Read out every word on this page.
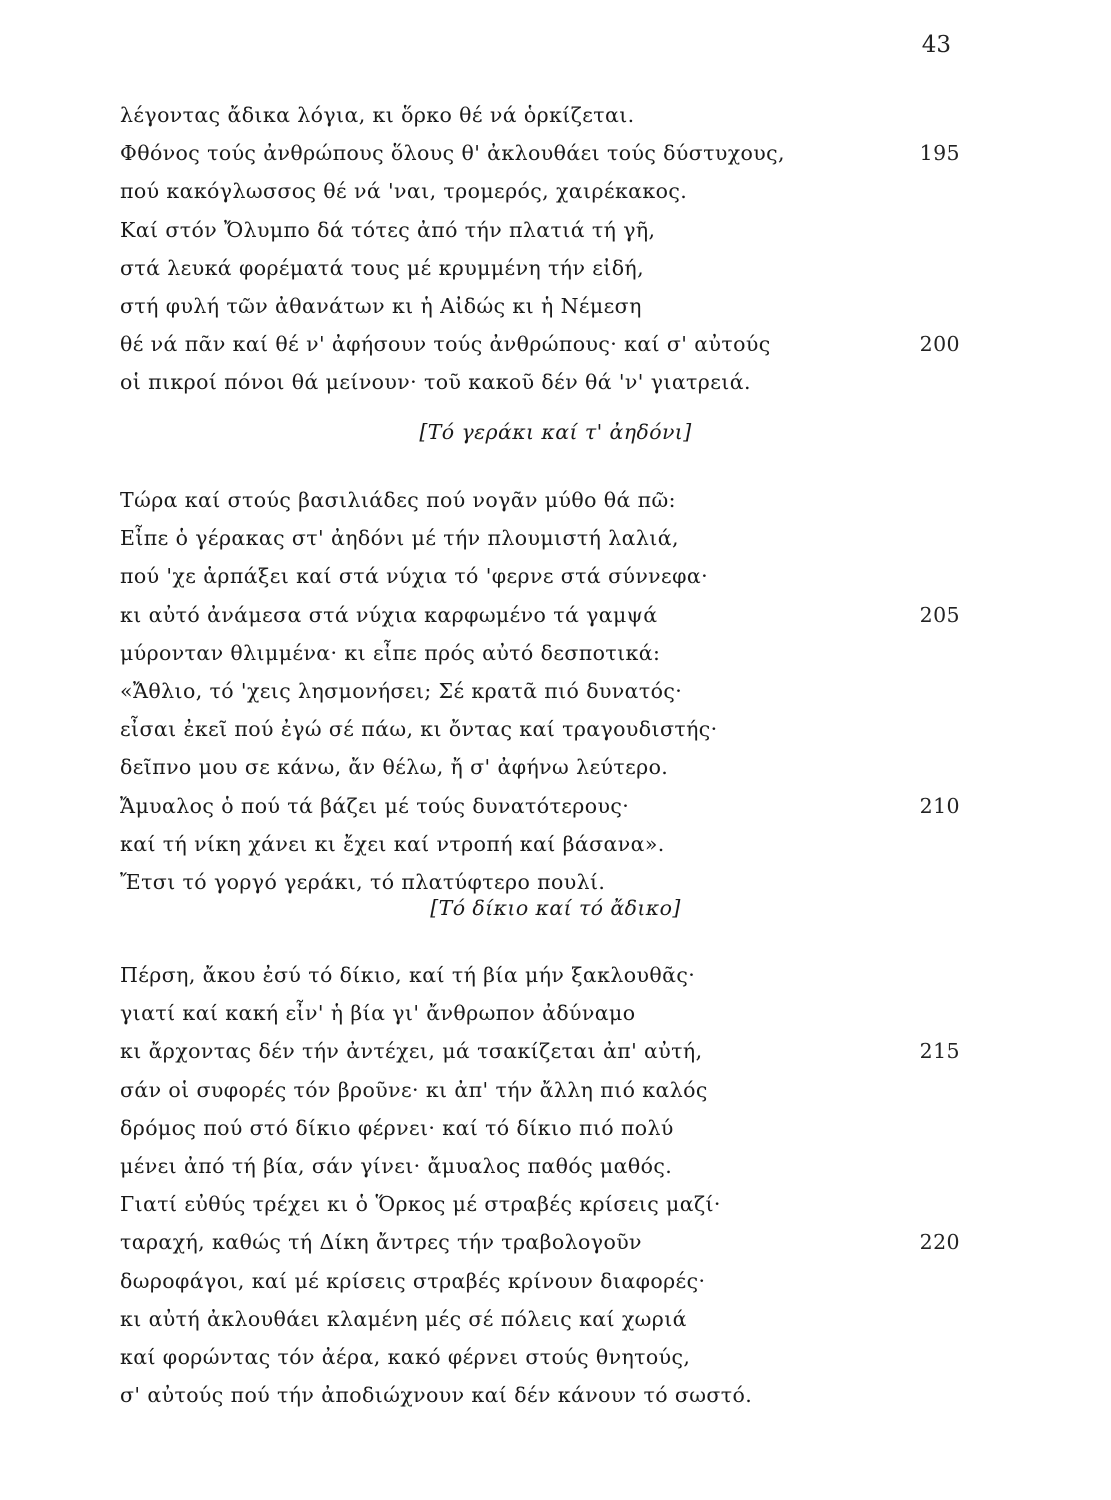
43
λέγοντας ἄδικα λόγια, κι ὅρκο θέ νά ὁρκίζεται.
Φθόνος τούς ἀνθρώπους ὅλους θ' ἀκλουθάει τούς δύστυχους,	195
πού κακόγλωσσος θέ νά 'ναι, τρομερός, χαιρέκακος.
Καί στόν Ὄλυμπο δά τότες ἀπό τήν πλατιά τή γῆ,
στά λευκά φορέματά τους μέ κρυμμένη τήν εἰδή,
στή φυλή τῶν ἀθανάτων κι ἡ Αἰδώς κι ἡ Νέμεση
θέ νά πᾶν καί θέ ν' ἀφήσουν τούς ἀνθρώπους· καί σ' αὐτούς	200
οἱ πικροί πόνοι θά μείνουν· τοῦ κακοῦ δέν θά 'ν' γιατρειά.
[Τό γεράκι καί τ' ἀηδόνι]
Τώρα καί στούς βασιλιάδες πού νογᾶν μύθο θά πῶ:
Εἶπε ὁ γέρακας στ' ἀηδόνι μέ τήν πλουμιστή λαλιά,
πού 'χε ἁρπάξει καί στά νύχια τό 'φερνε στά σύννεφα·
κι αὐτό ἀνάμεσα στά νύχια καρφωμένο τά γαμψά	205
μύρονταν θλιμμένα· κι εἶπε πρός αὐτό δεσποτικά:
«Ἄθλιο, τό 'χεις λησμονήσει; Σέ κρατᾶ πιό δυνατός·
εἶσαι ἐκεῖ πού ἐγώ σέ πάω, κι ὄντας καί τραγουδιστής·
δεῖπνο μου σε κάνω, ἄν θέλω, ἤ σ' ἀφήνω λεύτερο.
Ἄμυαλος ὁ πού τά βάζει μέ τούς δυνατότερους·	210
καί τή νίκη χάνει κι ἔχει καί ντροπή καί βάσανα».
Ἔτσι τό γοργό γεράκι, τό πλατύφτερο πουλί.
[Τό δίκιο καί τό ἄδικο]
Πέρση, ἄκου ἐσύ τό δίκιο, καί τή βία μήν ξακλουθᾶς·
γιατί καί κακή εἶν' ἡ βία γι' ἄνθρωπον ἀδύναμο
κι ἄρχοντας δέν τήν ἀντέχει, μά τσακίζεται ἀπ' αὐτή,	215
σάν οἱ συφορές τόν βροῦνε· κι ἀπ' τήν ἄλλη πιό καλός
δρόμος πού στό δίκιο φέρνει· καί τό δίκιο πιό πολύ
μένει ἀπό τή βία, σάν γίνει· ἄμυαλος παθός μαθός.
Γιατί εὐθύς τρέχει κι ὁ Ὅρκος μέ στραβές κρίσεις μαζί·
ταραχή, καθώς τή Δίκη ἄντρες τήν τραβολογοῦν	220
δωροφάγοι, καί μέ κρίσεις στραβές κρίνουν διαφορές·
κι αὐτή ἀκλουθάει κλαμένη μές σέ πόλεις καί χωριά
καί φορώντας τόν ἀέρα, κακό φέρνει στούς θνητούς,
σ' αὐτούς πού τήν ἀποδιώχνουν καί δέν κάνουν τό σωστό.
